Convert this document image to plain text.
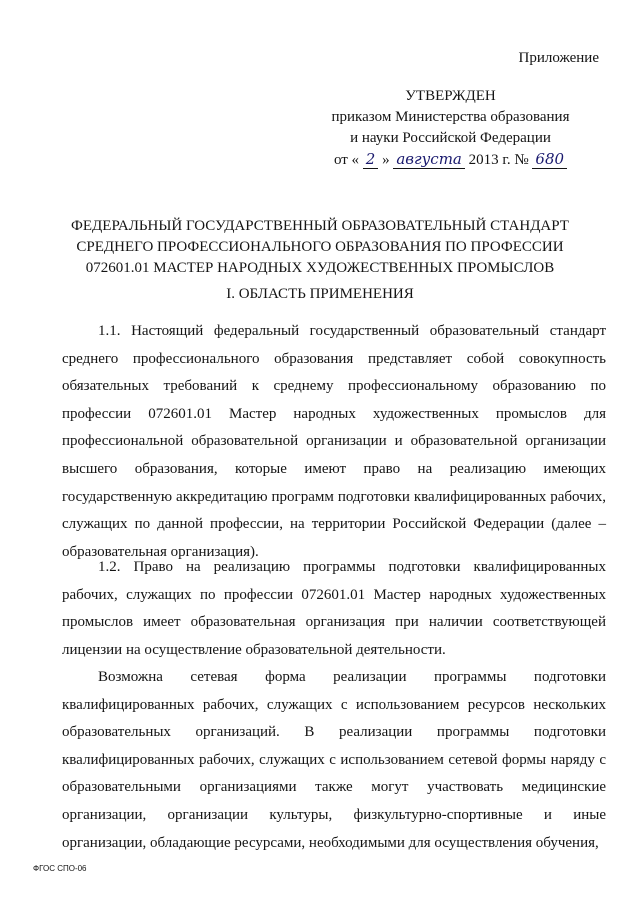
Приложение
УТВЕРЖДЕН
приказом Министерства образования
и науки Российской Федерации
от « 2 » августа 2013 г. № 680
ФЕДЕРАЛЬНЫЙ ГОСУДАРСТВЕННЫЙ ОБРАЗОВАТЕЛЬНЫЙ СТАНДАРТ
СРЕДНЕГО ПРОФЕССИОНАЛЬНОГО ОБРАЗОВАНИЯ ПО ПРОФЕССИИ
072601.01 МАСТЕР НАРОДНЫХ ХУДОЖЕСТВЕННЫХ ПРОМЫСЛОВ
I. ОБЛАСТЬ ПРИМЕНЕНИЯ
1.1. Настоящий федеральный государственный образовательный стандарт среднего профессионального образования представляет собой совокупность обязательных требований к среднему профессиональному образованию по профессии 072601.01 Мастер народных художественных промыслов для профессиональной образовательной организации и образовательной организации высшего образования, которые имеют право на реализацию имеющих государственную аккредитацию программ подготовки квалифицированных рабочих, служащих по данной профессии, на территории Российской Федерации (далее – образовательная организация).
1.2. Право на реализацию программы подготовки квалифицированных рабочих, служащих по профессии 072601.01 Мастер народных художественных промыслов имеет образовательная организация при наличии соответствующей лицензии на осуществление образовательной деятельности.
Возможна сетевая форма реализации программы подготовки квалифицированных рабочих, служащих с использованием ресурсов нескольких образовательных организаций. В реализации программы подготовки квалифицированных рабочих, служащих с использованием сетевой формы наряду с образовательными организациями также могут участвовать медицинские организации, организации культуры, физкультурно-спортивные и иные организации, обладающие ресурсами, необходимыми для осуществления обучения,
ФГОС СПО-06
